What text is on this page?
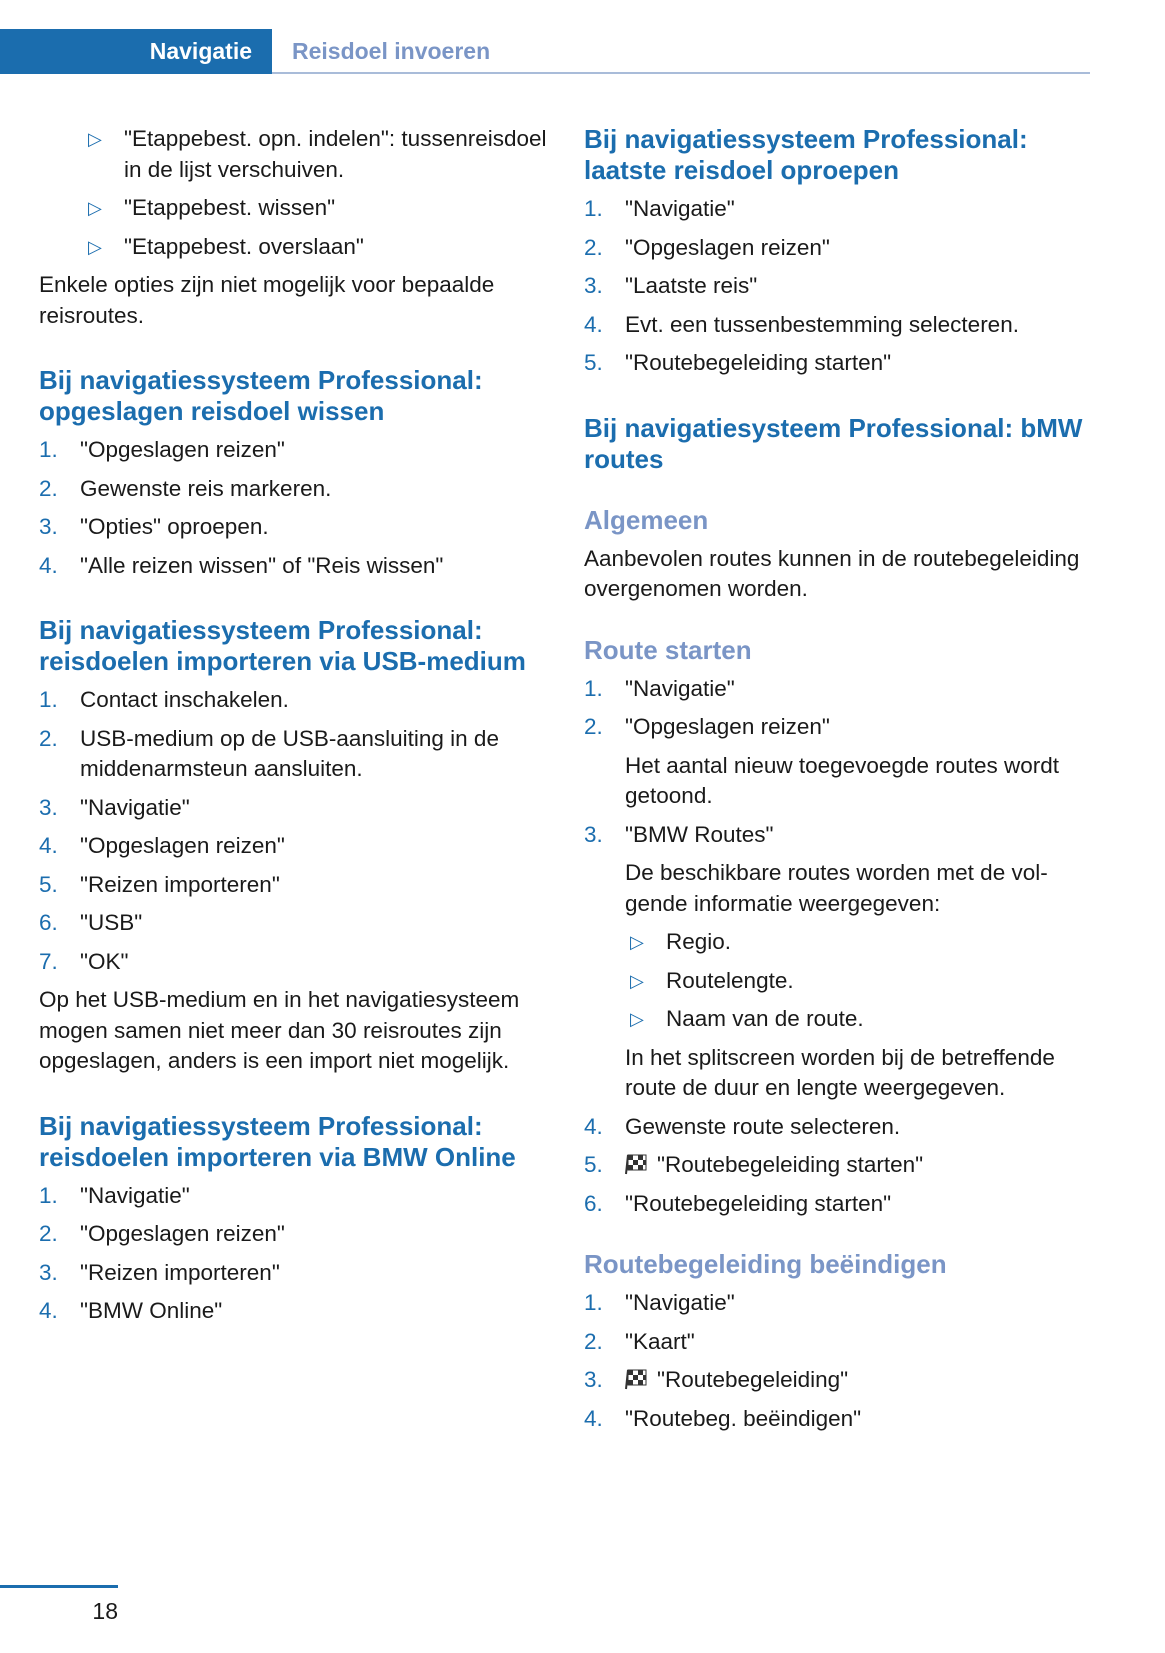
Navigatie Reisdoel invoeren
▷ "Etappebest. opn. indelen": tussenreisdoel in de lijst verschuiven.
▷ "Etappebest. wissen"
▷ "Etappebest. overslaan"

Enkele opties zijn niet mogelijk voor bepaalde reisroutes.

Bij navigatiessysteem Professional: opgeslagen reisdoel wissen
1. "Opgeslagen reizen"
2. Gewenste reis markeren.
3. "Opties" oproepen.
4. "Alle reizen wissen" of "Reis wissen"
Bij navigatiessysteem Professional: reisdoelen importeren via USB-medium
1. Contact inschakelen.
2. USB-medium op de USB-aansluiting in de middenarmsteun aansluiten.
3. "Navigatie"
4. "Opgeslagen reizen"
5. "Reizen importeren"
6. "USB"
7. "OK"

Op het USB-medium en in het navigatiesysteem mogen samen niet meer dan 30 reisroutes zijn opgeslagen, anders is een import niet mogelijk.

Bij navigatiessysteem Professional: reisdoelen importeren via BMW Online
1. "Navigatie"
2. "Opgeslagen reizen"
3. "Reizen importeren"
4. "BMW Online"
Bij navigatiessysteem Professional: laatste reisdoel oproepen
1. "Navigatie"
2. "Opgeslagen reizen"
3. "Laatste reis"
4. Evt. een tussenbestemming selecteren.
5. "Routebegeleiding starten"
Bij navigatiesysteem Professional: bMW routes
Algemeen

Aanbevolen routes kunnen in de routebegeleiding overgenomen worden.

Route starten
1. "Navigatie"
2. "Opgeslagen reizen"
Het aantal nieuw toegevoegde routes wordt getoond.
3. "BMW Routes"
De beschikbare routes worden met de volgende informatie weergegeven:
▷ Regio.
▷ Routelengte.
▷ Naam van de route.
In het splitscreen worden bij de betreffende route de duur en lengte weergegeven.
4. Gewenste route selecteren.
5. "Routebegeleiding starten"
6. "Routebegeleiding starten"
Routebegeleiding beëindigen
1. "Navigatie"
2. "Kaart"
3. "Routebegeleiding"
4. "Routebeg. beëindigen"
18
